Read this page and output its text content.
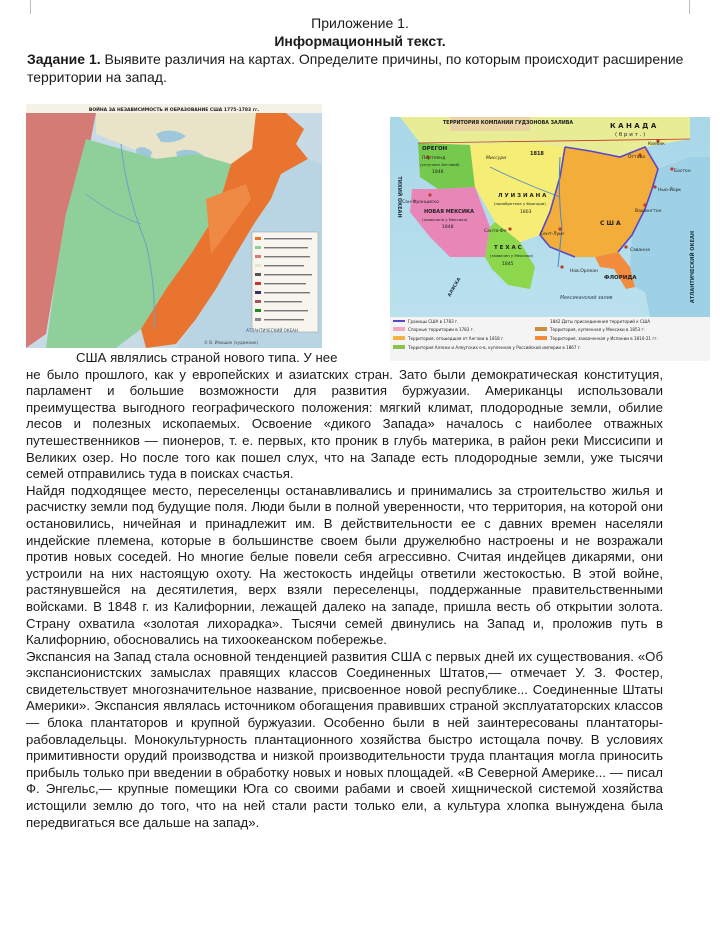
Приложение 1.
Информационный текст.
Задание 1. Выявите различия на картах. Определите причины, по которым происходит расширение территории на запад.
ВОЙНА ЗА НЕЗАВИСИМОСТЬ И ОБРАЗОВАНИЕ США 1775–1783 гг.
АТЛАНТИЧЕСКИЙ ОКЕАН
© В. Илюшин (художник)
ТЕРРИТОРИЯ КОМПАНИИ ГУДЗОНОВА ЗАЛИВА	К А Н А Д А
( б р и т . )
Квебек
Оттава
Бостон
Нью-Йорк
Вашингтон
С Ш А
ОРЕГОН
Портленд
(уступлен Англией)
1846
1818
Миссури
Л У И З И А Н А
(приобретена у Франции)
1803
НОВАЯ МЕКСИКА
Сан-Франциско
(захвачена у Мексики)
1848
Санта-Фе
Сент-Луис
Т Е Х А С
(захвачен у Мексики)
1845
Нов.Орлеан
Саванна
ФЛОРИДА
Мексиканский залив	АТЛАНТИЧЕСКИЙ ОКЕАН
ТИХИЙ ОКЕАН
АЛЯСКА
Границы США в 1783 г.	1842 Даты присоединения территорий к США
Спорные территории в 1783 г.	Территория, купленная у Мексики в 1853 г.
Территория, отошедшая от Англии в 1818 г.	Территория, захваченная у Испании в 1810-21 гг.
Территория Аляски и Алеутских о-в, купленная у Российской империи в 1867 г.

США являлись страной нового типа. У нее

не было прошлого, как у европейских и азиатских стран. Зато были демократическая конституция, парламент и большие возможности для развития буржуазии. Американцы использовали преимущества выгодного географического положения: мягкий климат, плодородные земли, обилие лесов и полезных ископаемых. Освоение «дикого Запада» началось с наиболее отважных путешественников — пионеров, т. е. первых, кто проник в глубь материка, в район реки Миссисипи и Великих озер. Но после того как пошел слух, что на Западе есть плодородные земли, уже тысячи семей отправились туда в поисках счастья.

Найдя подходящее место, переселенцы останавливались и принимались за строительство жилья и расчистку земли под будущие поля. Люди были в полной уверенности, что территория, на которой они остановились, ничейная и принадлежит им. В действительности ее с давних времен населяли индейские племена, которые в большинстве своем были дружелюбно настроены и не возражали против новых соседей. Но многие белые повели себя агрессивно. Считая индейцев дикарями, они устроили на них настоящую охоту. На жестокость индейцы ответили жестокостью. В этой войне, растянувшейся на десятилетия, верх взяли переселенцы, поддержанные правительственными войсками. В 1848 г. из Калифорнии, лежащей далеко на западе, пришла весть об открытии золота. Страну охватила «золотая лихорадка». Тысячи семей двинулись на Запад и, проложив путь в Калифорнию, обосновались на тихоокеанском побережье.

Экспансия на Запад стала основной тенденцией развития США с первых дней их существования. «Об экспансионистских замыслах правящих классов Соединенных Штатов,— отмечает У. З. Фостер, свидетельствует многозначительное название, присвоенное новой республике... Соединенные Штаты Америки». Экспансия являлась источником обогащения правивших страной эксплуататорских классов — блока плантаторов и крупной буржуазии. Особенно были в ней заинтересованы плантаторы-рабовладельцы. Монокультурность плантационного хозяйства быстро истощала почву. В условиях примитивности орудий производства и низкой производительности труда плантация могла приносить прибыль только при введении в обработку новых и новых площадей. «В Северной Америке... — писал Ф. Энгельс,— крупные помещики Юга со своими рабами и своей хищнической системой хозяйства истощили землю до того, что на ней стали расти только ели, а культура хлопка вынуждена была передвигаться все дальше на запад».
